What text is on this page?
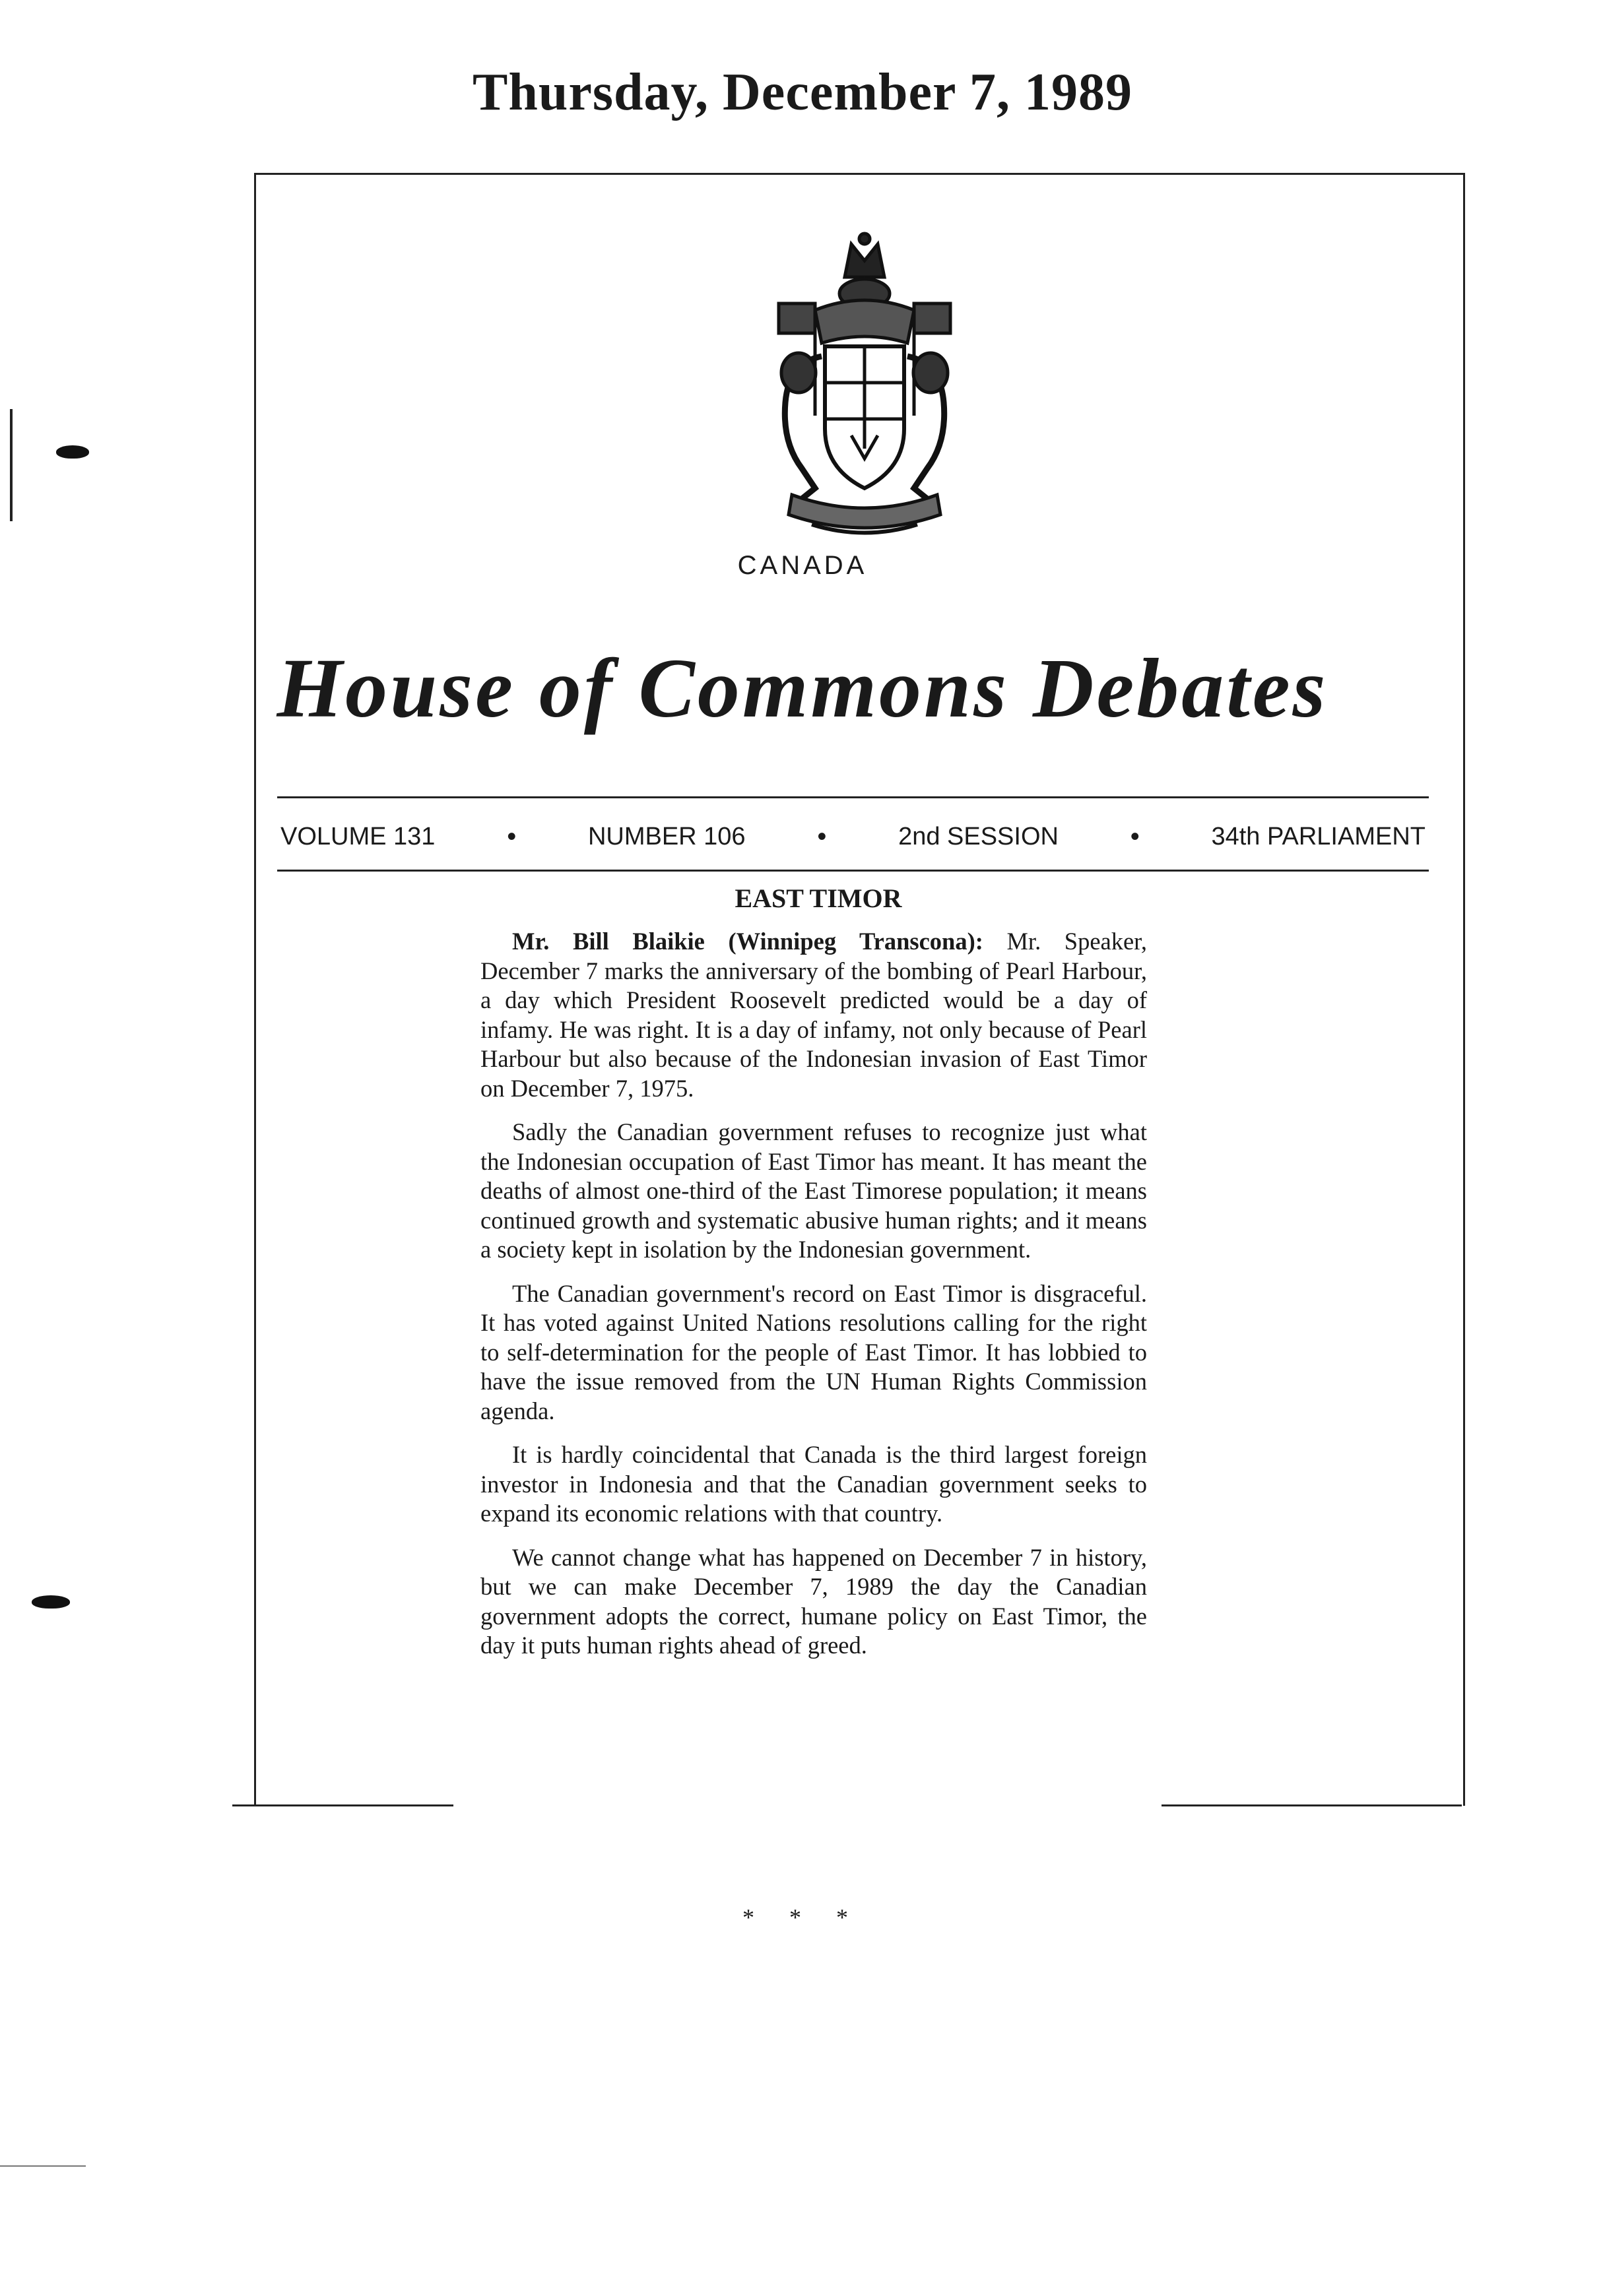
Thursday, December 7, 1989
CANADA
House of Commons Debates
VOLUME 131	•	NUMBER 106	•	2nd SESSION	•	34th PARLIAMENT
EAST TIMOR

Mr. Bill Blaikie (Winnipeg Transcona): Mr. Speaker, December 7 marks the anniversary of the bombing of Pearl Harbour, a day which President Roosevelt predicted would be a day of infamy. He was right. It is a day of infamy, not only because of Pearl Harbour but also because of the Indonesian invasion of East Timor on December 7, 1975.

Sadly the Canadian government refuses to recognize just what the Indonesian occupation of East Timor has meant. It has meant the deaths of almost one-third of the East Timorese population; it means continued growth and systematic abusive human rights; and it means a society kept in isolation by the Indonesian government.

The Canadian government's record on East Timor is disgraceful. It has voted against United Nations resolutions calling for the right to self-determination for the people of East Timor. It has lobbied to have the issue removed from the UN Human Rights Commission agenda.

It is hardly coincidental that Canada is the third largest foreign investor in Indonesia and that the Canadian government seeks to expand its economic relations with that country.

We cannot change what has happened on December 7 in history, but we can make December 7, 1989 the day the Canadian government adopts the correct, humane policy on East Timor, the day it puts human rights ahead of greed.

* * *
